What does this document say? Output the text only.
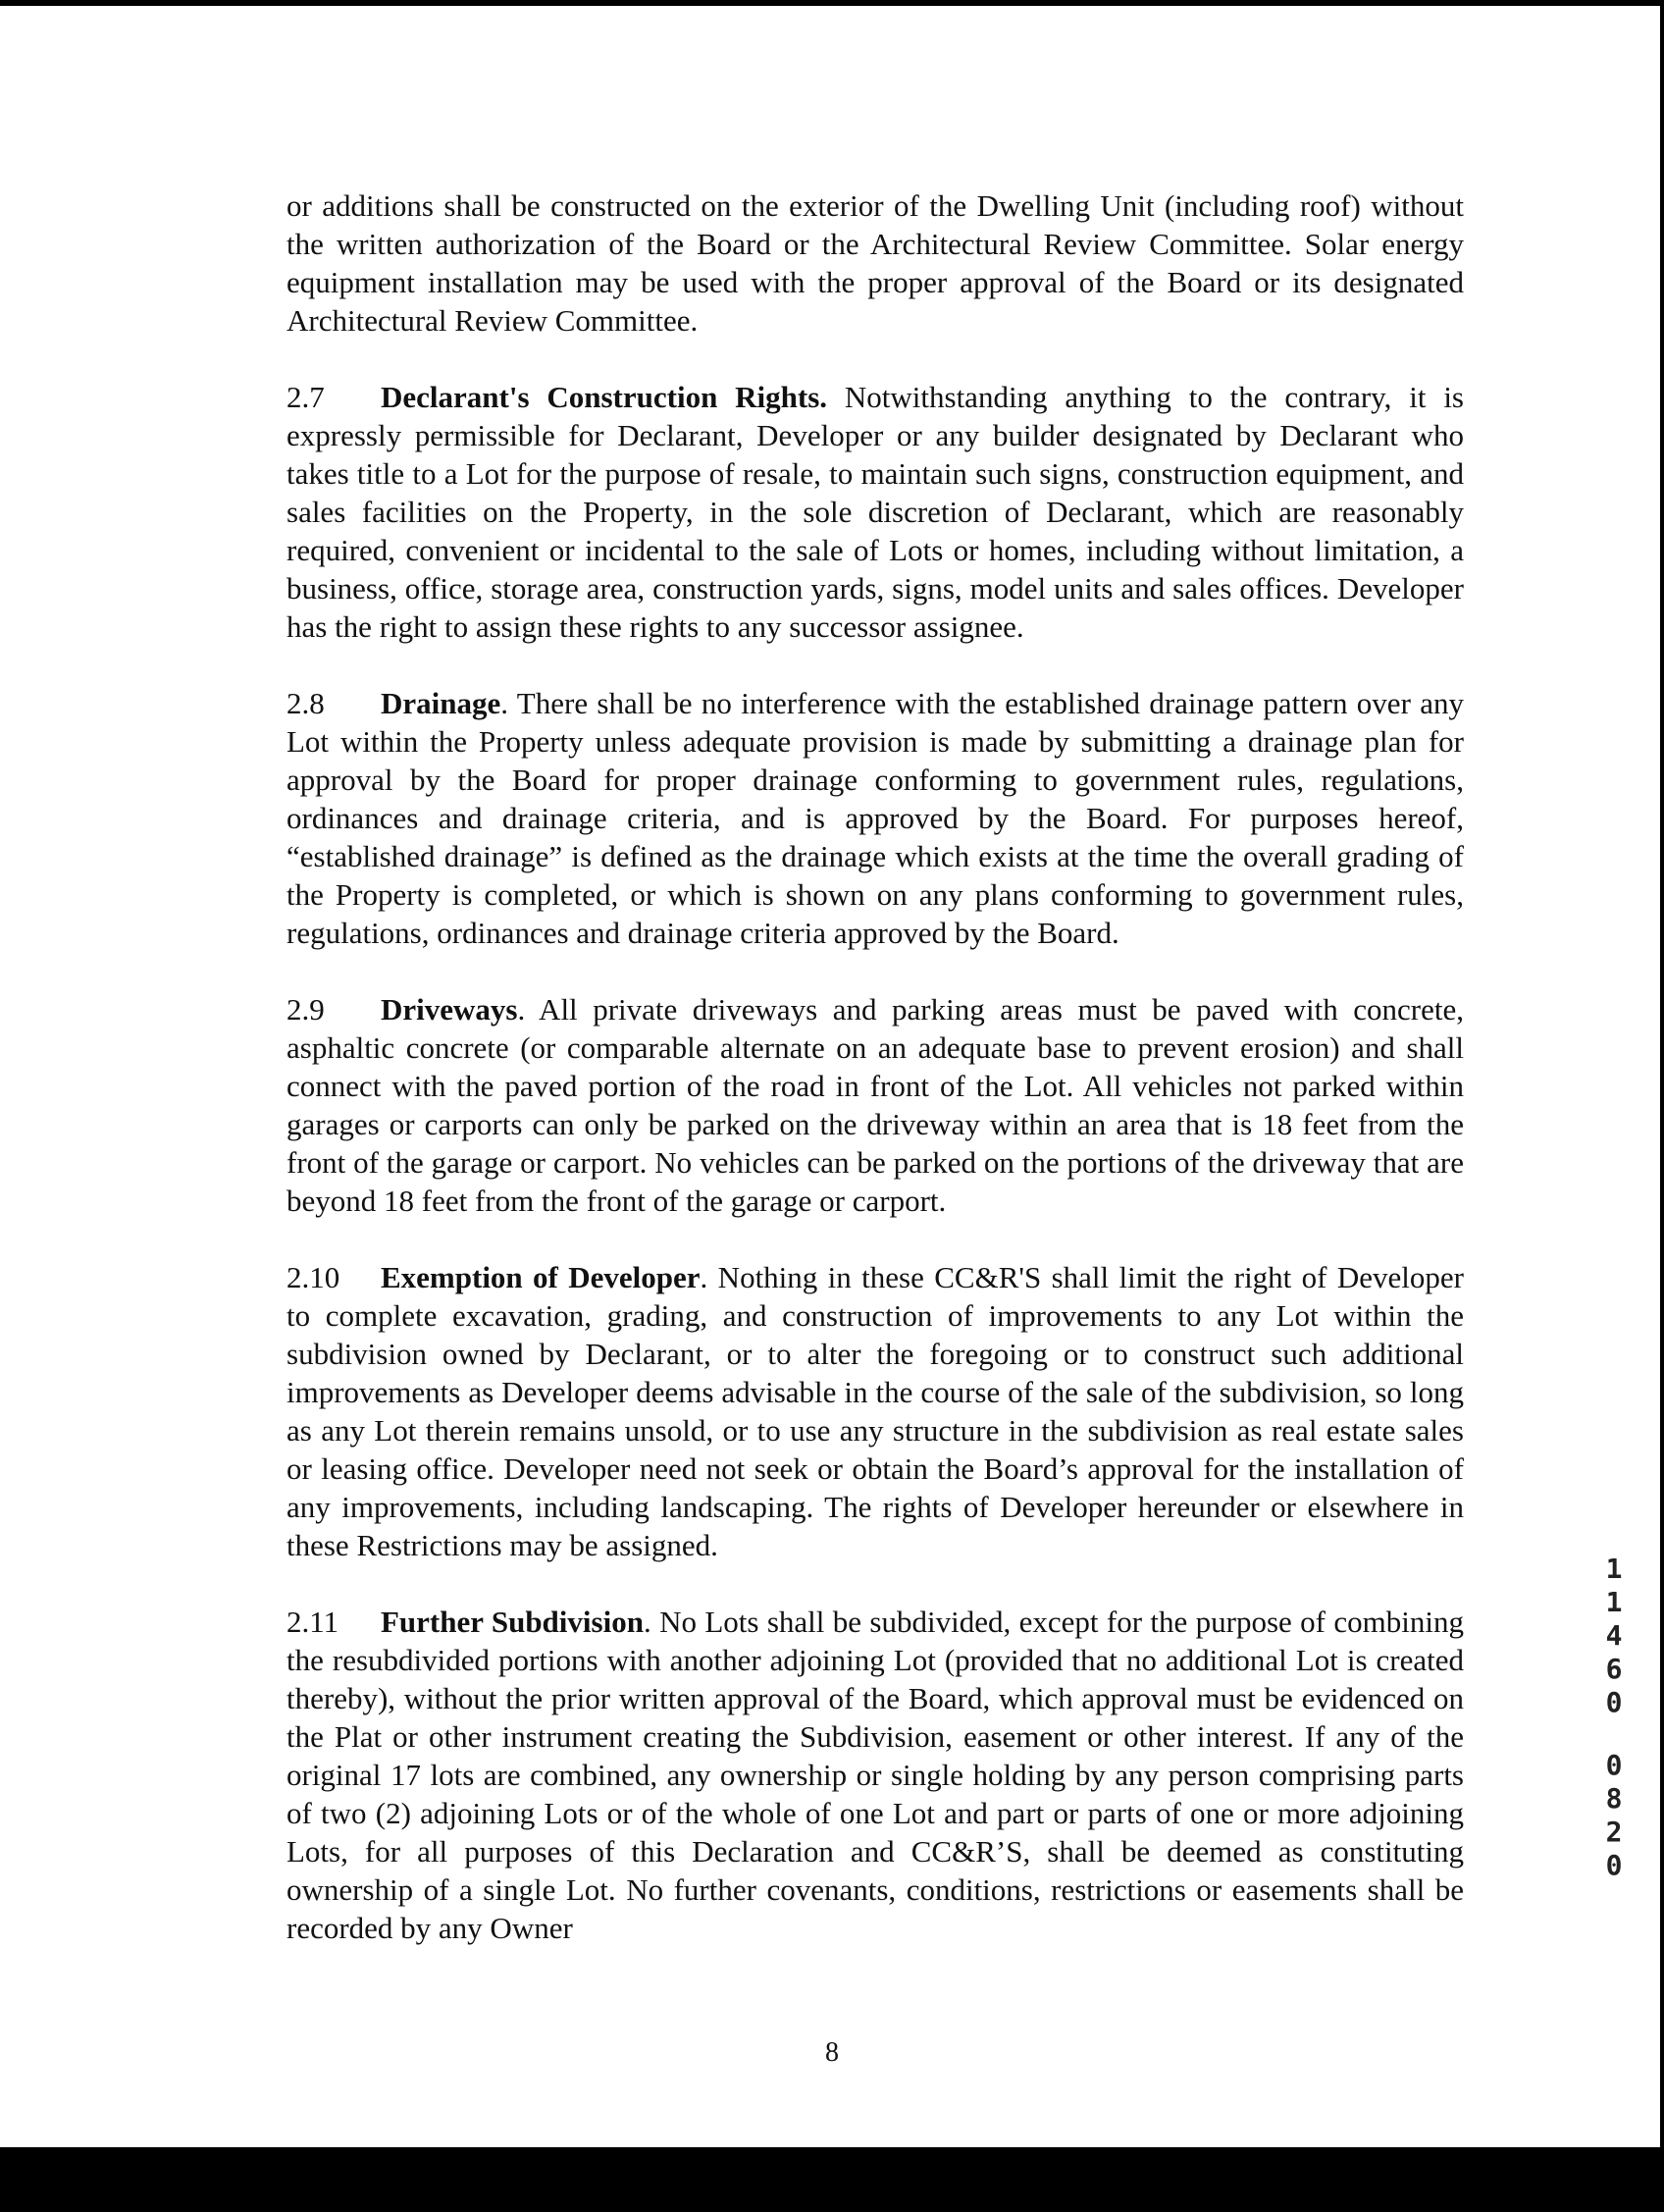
or additions shall be constructed on the exterior of the Dwelling Unit (including roof) without the written authorization of the Board or the Architectural Review Committee. Solar energy equipment installation may be used with the proper approval of the Board or its designated Architectural Review Committee.

2.7 Declarant's Construction Rights. Notwithstanding anything to the contrary, it is expressly permissible for Declarant, Developer or any builder designated by Declarant who takes title to a Lot for the purpose of resale, to maintain such signs, construction equipment, and sales facilities on the Property, in the sole discretion of Declarant, which are reasonably required, convenient or incidental to the sale of Lots or homes, including without limitation, a business, office, storage area, construction yards, signs, model units and sales offices. Developer has the right to assign these rights to any successor assignee.

2.8 Drainage. There shall be no interference with the established drainage pattern over any Lot within the Property unless adequate provision is made by submitting a drainage plan for approval by the Board for proper drainage conforming to government rules, regulations, ordinances and drainage criteria, and is approved by the Board. For purposes hereof, “established drainage” is defined as the drainage which exists at the time the overall grading of the Property is completed, or which is shown on any plans conforming to government rules, regulations, ordinances and drainage criteria approved by the Board.

2.9 Driveways. All private driveways and parking areas must be paved with concrete, asphaltic concrete (or comparable alternate on an adequate base to prevent erosion) and shall connect with the paved portion of the road in front of the Lot. All vehicles not parked within garages or carports can only be parked on the driveway within an area that is 18 feet from the front of the garage or carport. No vehicles can be parked on the portions of the driveway that are beyond 18 feet from the front of the garage or carport.

2.10 Exemption of Developer. Nothing in these CC&R'S shall limit the right of Developer to complete excavation, grading, and construction of improvements to any Lot within the subdivision owned by Declarant, or to alter the foregoing or to construct such additional improvements as Developer deems advisable in the course of the sale of the subdivision, so long as any Lot therein remains unsold, or to use any structure in the subdivision as real estate sales or leasing office. Developer need not seek or obtain the Board’s approval for the installation of any improvements, including landscaping. The rights of Developer hereunder or elsewhere in these Restrictions may be assigned.

2.11 Further Subdivision. No Lots shall be subdivided, except for the purpose of combining the resubdivided portions with another adjoining Lot (provided that no additional Lot is created thereby), without the prior written approval of the Board, which approval must be evidenced on the Plat or other instrument creating the Subdivision, easement or other interest. If any of the original 17 lots are combined, any ownership or single holding by any person comprising parts of two (2) adjoining Lots or of the whole of one Lot and part or parts of one or more adjoining Lots, for all purposes of this Declaration and CC&R’S, shall be deemed as constituting ownership of a single Lot. No further covenants, conditions, restrictions or easements shall be recorded by any Owner

1
1
4
6
0
0
8
2
0
8
